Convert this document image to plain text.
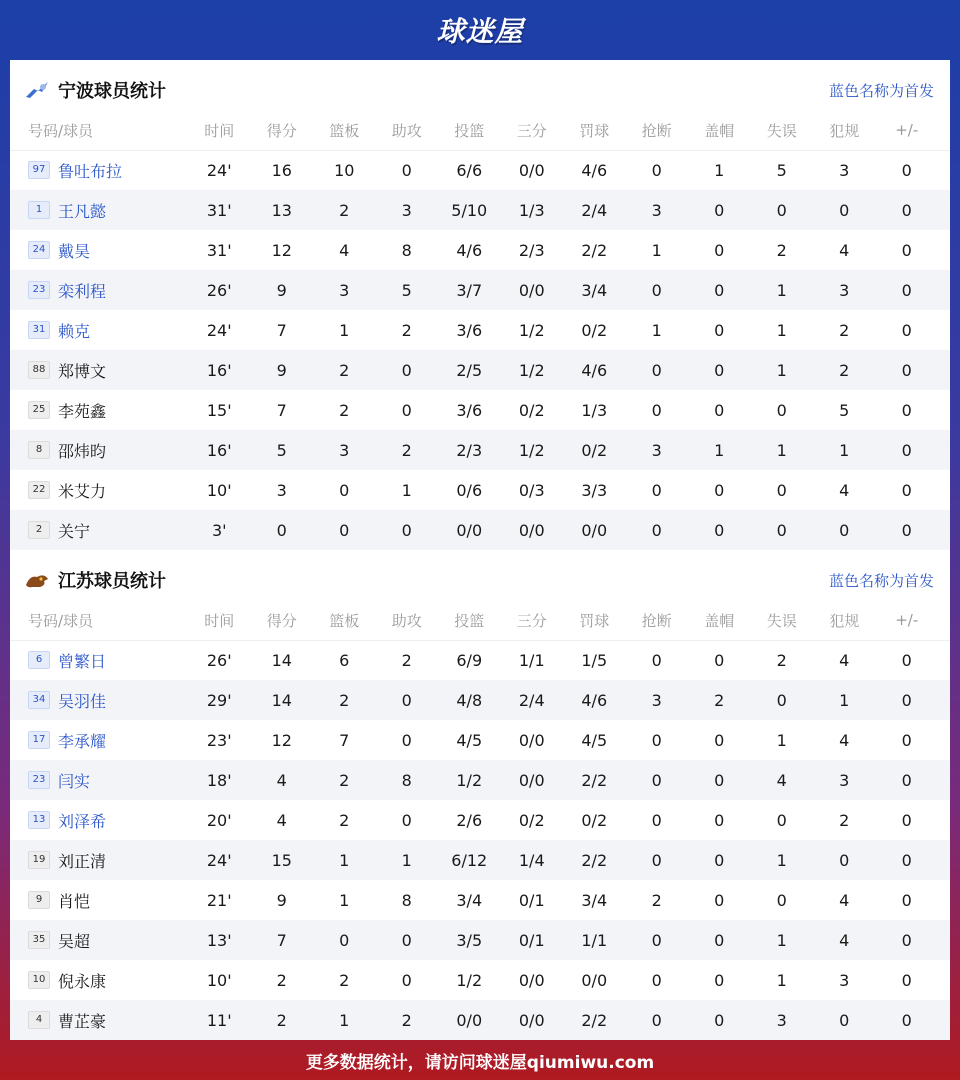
球迷屋
宁波球员统计	蓝色名称为首发
号码/球员	时间	得分	篮板	助攻	投篮	三分	罚球	抢断	盖帽	失误	犯规	+/-
97 鲁吐布拉	24'	16	10	0	6/6	0/0	4/6	0	1	5	3	0
1 王凡懿	31'	13	2	3	5/10	1/3	2/4	3	0	0	0	0
24 戴昊	31'	12	4	8	4/6	2/3	2/2	1	0	2	4	0
23 栾利程	26'	9	3	5	3/7	0/0	3/4	0	0	1	3	0
31 赖克	24'	7	1	2	3/6	1/2	0/2	1	0	1	2	0
88 郑博文	16'	9	2	0	2/5	1/2	4/6	0	0	1	2	0
25 李苑鑫	15'	7	2	0	3/6	0/2	1/3	0	0	0	5	0
8 邵炜昀	16'	5	3	2	2/3	1/2	0/2	3	1	1	1	0
22 米艾力	10'	3	0	1	0/6	0/3	3/3	0	0	0	4	0
2 关宁	3'	0	0	0	0/0	0/0	0/0	0	0	0	0	0
江苏球员统计	蓝色名称为首发
号码/球员	时间	得分	篮板	助攻	投篮	三分	罚球	抢断	盖帽	失误	犯规	+/-
6 曾繁日	26'	14	6	2	6/9	1/1	1/5	0	0	2	4	0
34 吴羽佳	29'	14	2	0	4/8	2/4	4/6	3	2	0	1	0
17 李承耀	23'	12	7	0	4/5	0/0	4/5	0	0	1	4	0
23 闫实	18'	4	2	8	1/2	0/0	2/2	0	0	4	3	0
13 刘泽希	20'	4	2	0	2/6	0/2	0/2	0	0	0	2	0
19 刘正清	24'	15	1	1	6/12	1/4	2/2	0	0	1	0	0
9 肖恺	21'	9	1	8	3/4	0/1	3/4	2	0	0	4	0
35 吴超	13'	7	0	0	3/5	0/1	1/1	0	0	1	4	0
10 倪永康	10'	2	2	0	1/2	0/0	0/0	0	0	1	3	0
4 曹芷豪	11'	2	1	2	0/0	0/0	2/2	0	0	3	0	0
更多数据统计，请访问球迷屋qiumiwu.com
